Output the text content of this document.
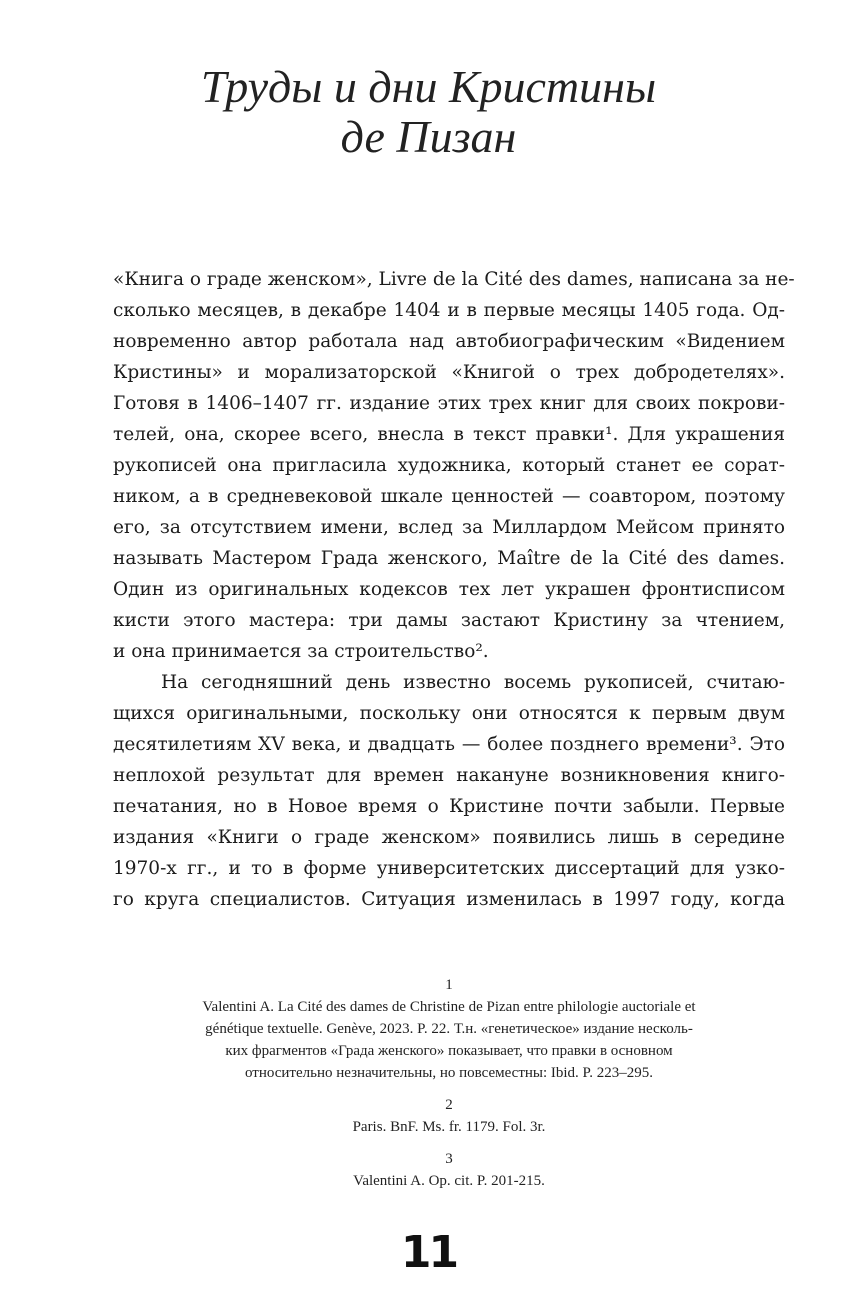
Труды и дни Кристины
де Пизан
«Книга о граде женском», Livre de la Cité des dames, написана за не-
сколько месяцев, в декабре 1404 и в первые месяцы 1405 года. Од-
новременно автор работала над автобиографическим «Видением
Кристины» и морализаторской «Книгой о трех добродетелях».
Готовя в 1406–1407 гг. издание этих трех книг для своих покрови-
телей, она, скорее всего, внесла в текст правки¹. Для украшения
рукописей она пригласила художника, который станет ее сорат-
ником, а в средневековой шкале ценностей — соавтором, поэтому
его, за отсутствием имени, вслед за Миллардом Мейсом принято
называть Мастером Града женского, Maître de la Cité des dames.
Один из оригинальных кодексов тех лет украшен фронтисписом
кисти этого мастера: три дамы застают Кристину за чтением,
и она принимается за строительство².
На сегодняшний день известно восемь рукописей, считаю-
щихся оригинальными, поскольку они относятся к первым двум
десятилетиям XV века, и двадцать — более позднего времени³. Это
неплохой результат для времен накануне возникновения книго-
печатания, но в Новое время о Кристине почти забыли. Первые
издания «Книги о граде женском» появились лишь в середине
1970-х гг., и то в форме университетских диссертаций для узко-
го круга специалистов. Ситуация изменилась в 1997 году, когда
1
Valentini A. La Cité des dames de Christine de Pizan entre philologie auctoriale et
génétique textuelle. Genève, 2023. P. 22. Т.н. «генетическое» издание несколь-
ких фрагментов «Града женского» показывает, что правки в основном
относительно незначительны, но повсеместны: Ibid. P. 223–295.
2
Paris. BnF. Ms. fr. 1179. Fol. 3r.
3
Valentini A. Op. cit. P. 201-215.
11
